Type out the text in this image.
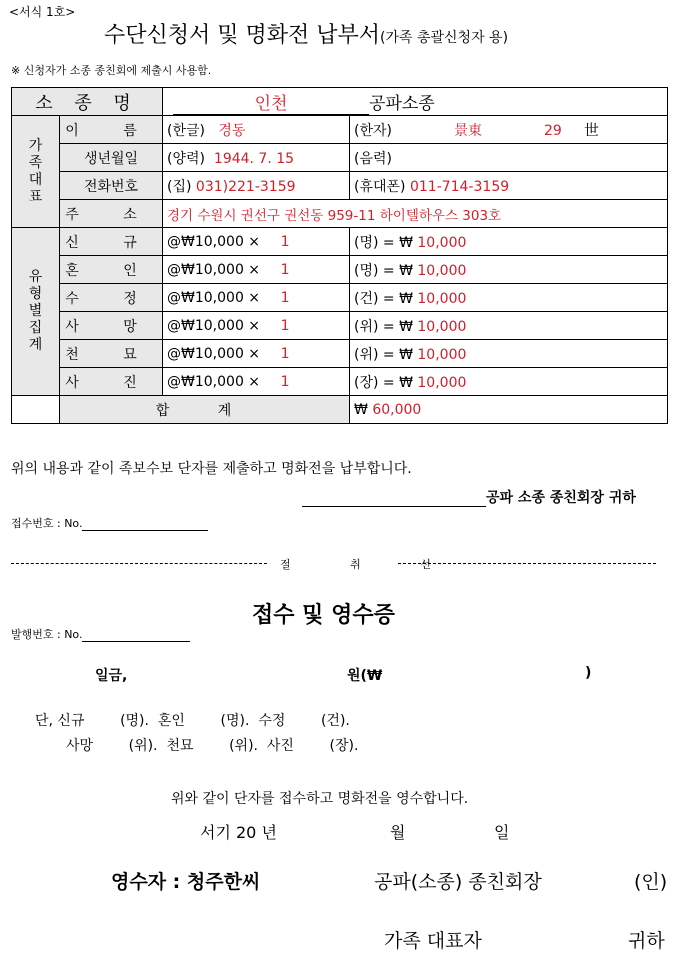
<서식 1호>
수단신청서 및 명화전 납부서(가족 총괄신청자 용)
※ 신청자가 소종 종친회에 제출시 사용함.
소 종 명		인천 공파소종	

가족대표	이 름	(한글) 경동	(한자) 景東 29 世
	생년월일	(양력) 1944. 7. 15	(음력)
	전화번호	(집) 031)221-3159	(휴대폰) 011-714-3159
	주 소	경기 수원시 권선구 권선동 959-11 하이텔하우스 303호	

유형별집계	신 규	@₩10,000 × 1	(명) = ₩ 10,000
	혼 인	@₩10,000 × 1	(명) = ₩ 10,000
	수 정	@₩10,000 × 1	(건) = ₩ 10,000
	사 망	@₩10,000 × 1	(위) = ₩ 10,000
	천 묘	@₩10,000 × 1	(위) = ₩ 10,000
	사 진	@₩10,000 × 1	(장) = ₩ 10,000
	합 계		₩ 60,000
위의 내용과 같이 족보수보 단자를 제출하고 명화전을 납부합니다.
공파 소종 종친회장 귀하
접수번호 : No.
절 취 선
접수 및 영수증
발행번호 : No.
일금,	원(₩	)
단, 신규        (명).  혼인        (명).  수정        (건).
사망        (위).  천묘        (위).  사진        (장).
위와 같이 단자를 접수하고 명화전을 영수합니다.
서기 20 년	월	일
영수자 : 청주한씨	공파(소종) 종친회장	(인)
가족 대표자	귀하
